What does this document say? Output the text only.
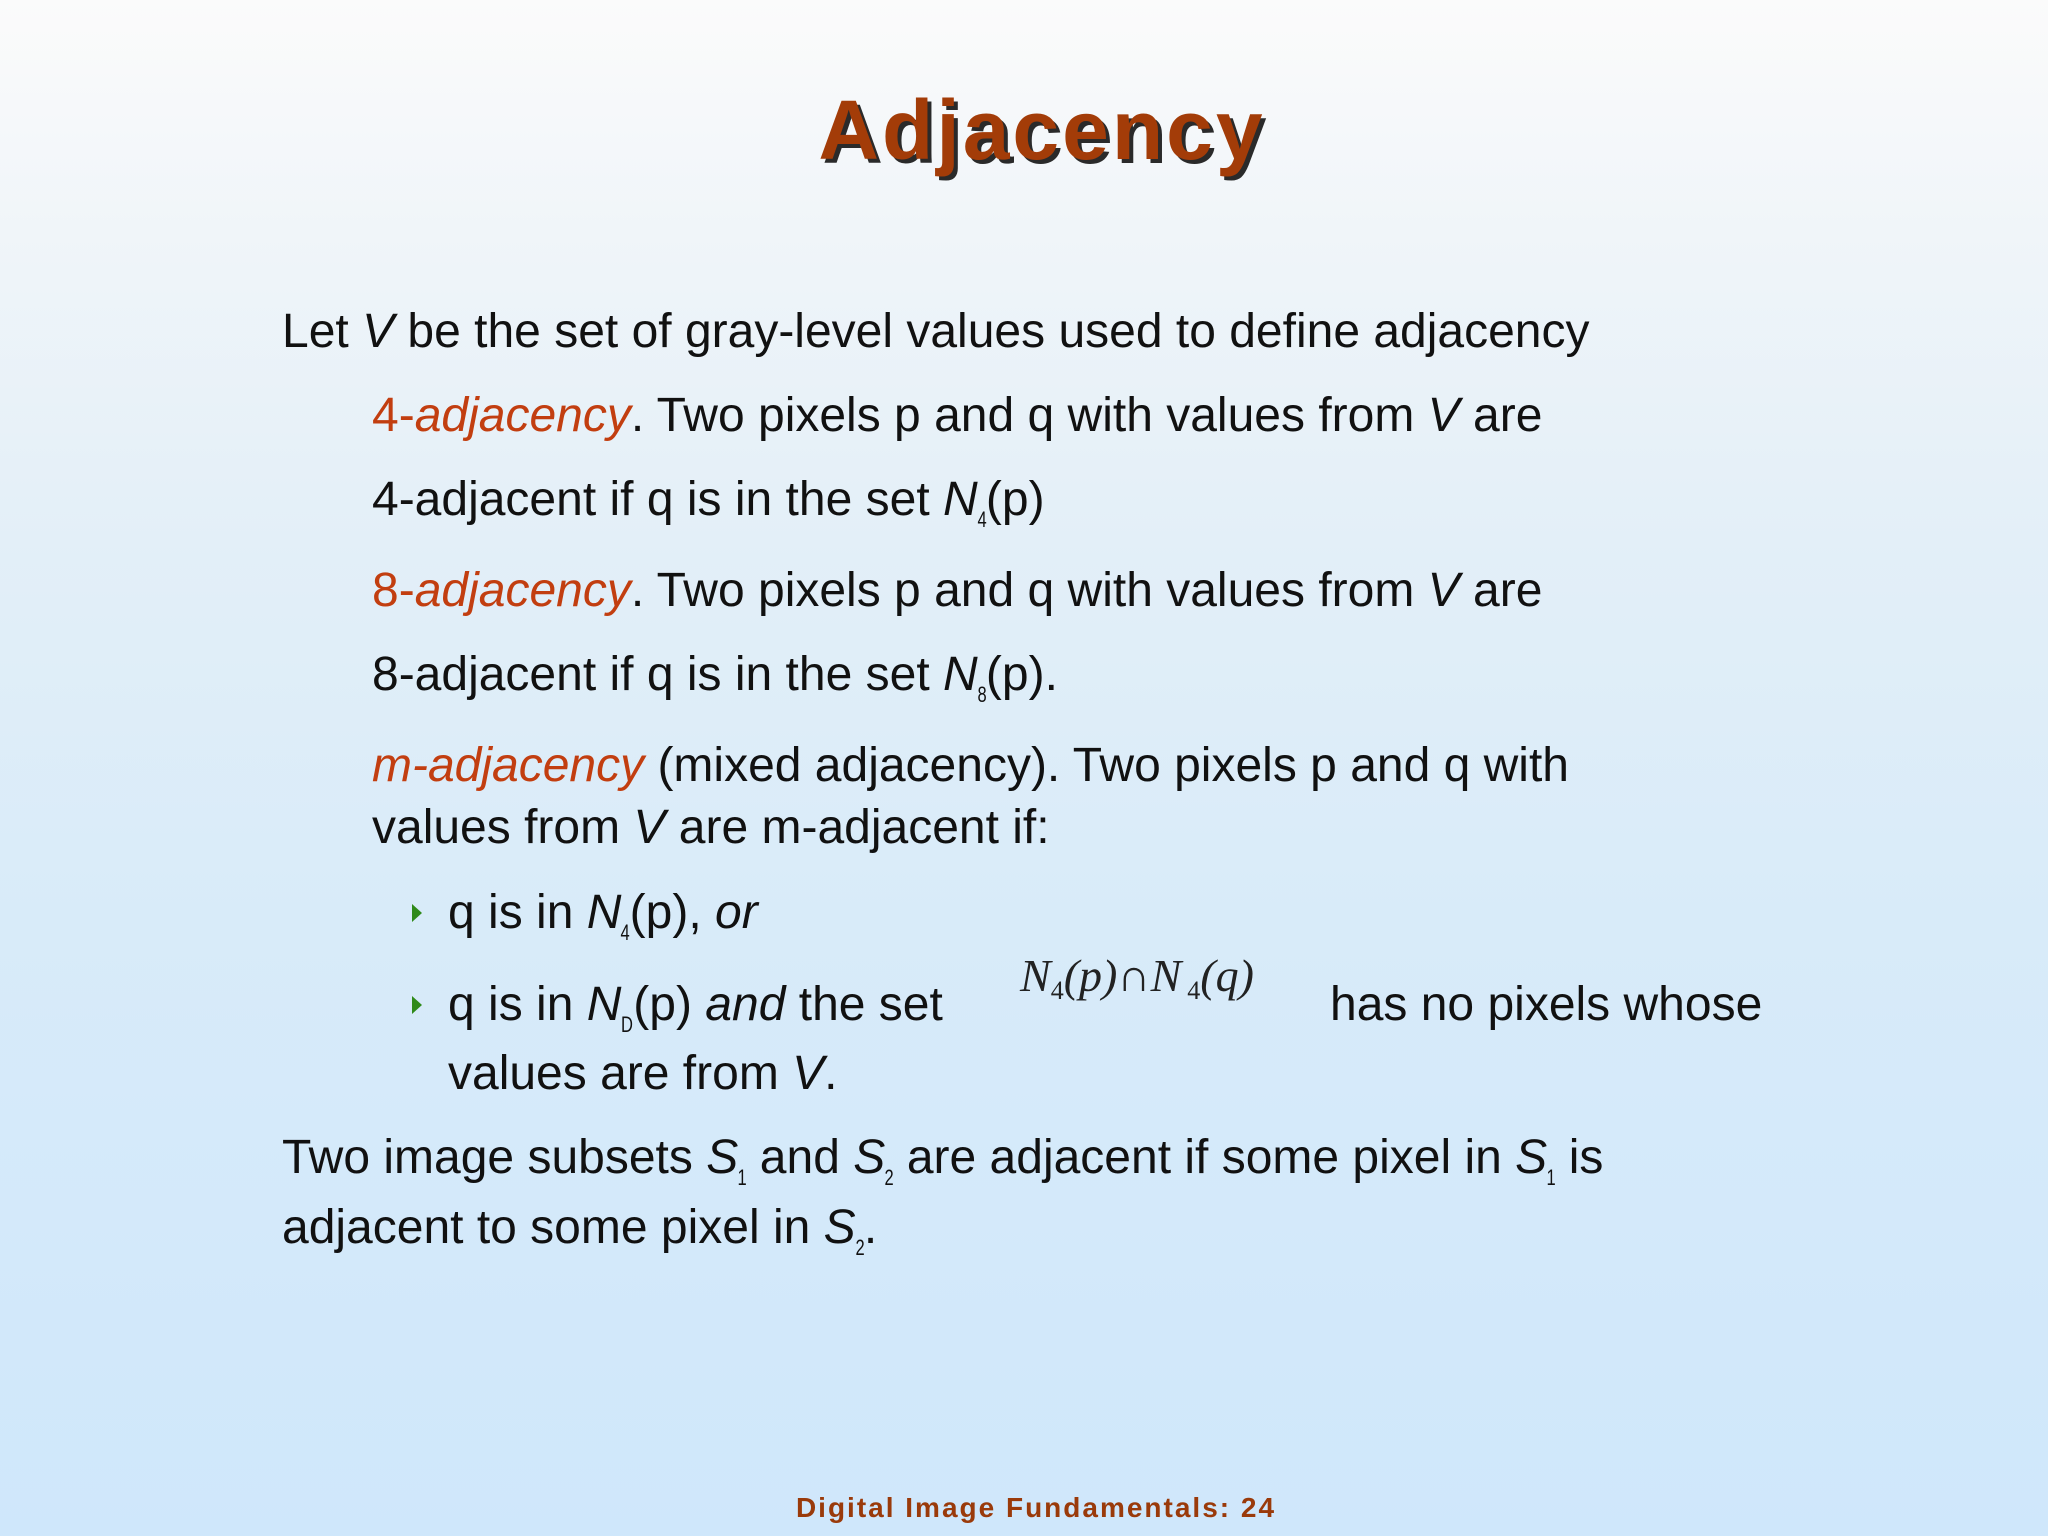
Adjacency
Let V be the set of gray-level values used to define adjacency
4-adjacency. Two pixels p and q with values from V are
4-adjacent if q is in the set N4(p)
8-adjacency. Two pixels p and q with values from V are
8-adjacent if q is in the set N8(p).
m-adjacency (mixed adjacency). Two pixels p and q with
values from V are m-adjacent if:
q is in N4(p), or
q is in ND(p) and the set
N4(p)∩N 4(q)
has no pixels whose
values are from V.
Two image subsets S1 and S2 are adjacent if some pixel in S1 is
adjacent to some pixel in S2.
Digital Image Fundamentals: 24
